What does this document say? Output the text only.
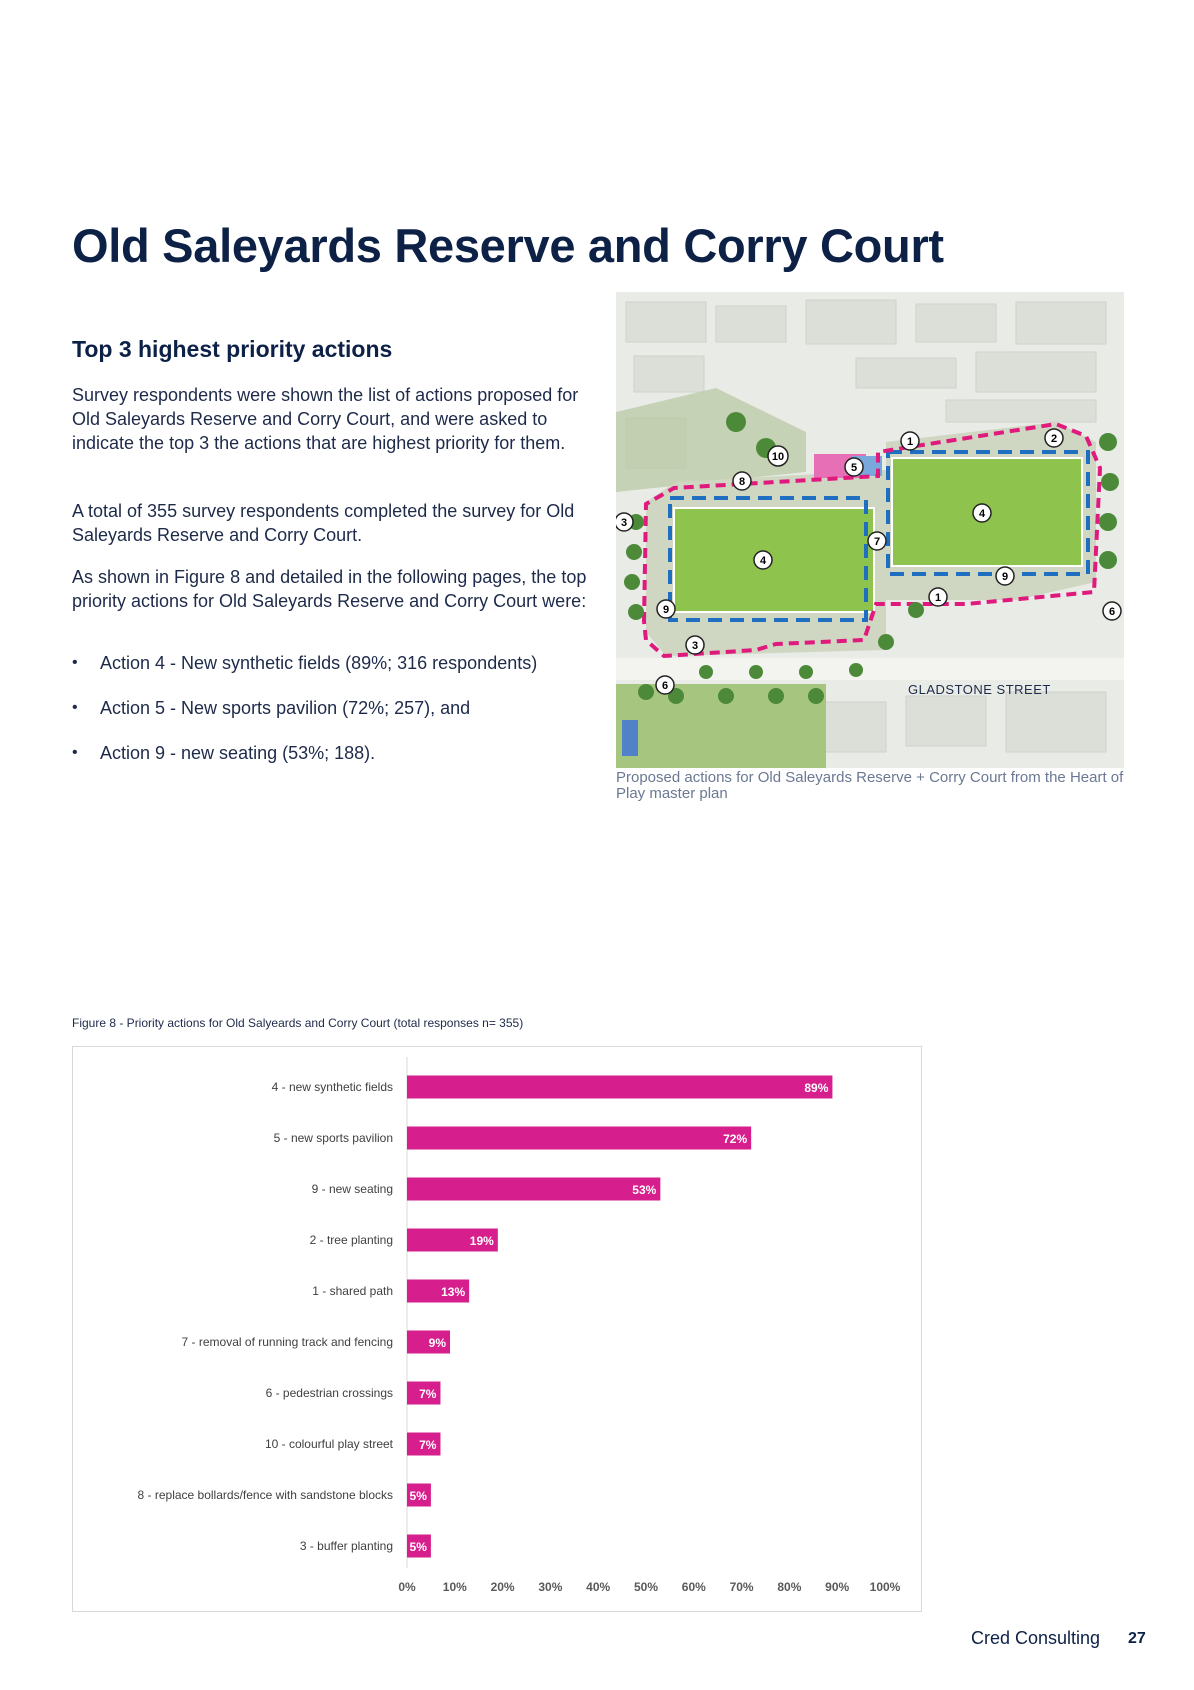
Old Saleyards Reserve and Corry Court
Top 3 highest priority actions

Survey respondents were shown the list of actions proposed for Old Saleyards Reserve and Corry Court, and were asked to indicate the top 3 the actions that are highest priority for them.

A total of 355 survey respondents completed the survey for Old Saleyards Reserve and Corry Court.

As shown in Figure 8 and detailed in the following pages, the top priority actions for Old Saleyards Reserve and Corry Court were:

• Action 4 - New synthetic fields (89%; 316 respondents)
• Action 5 - New sports pavilion (72%; 257), and
• Action 9 - new seating (53%; 188).
1	2
3
4
4
5
6
6
7
8
9
9
1
3
10
GLADSTONE STREET

Proposed actions for Old Saleyards Reserve + Corry Court from the Heart of Play master plan

Figure 8 - Priority actions for Old Salyeards and Corry Court (total responses n= 355)

4 - new synthetic fields	89%
5 - new sports pavilion	72%
9 - new seating	53%
2 - tree planting	19%
1 - shared path	13%
7 - removal of running track and fencing	9%
6 - pedestrian crossings 7%
10 - colourful play street 7%
8 - replace bollards/fence with sandstone blocks 5%
3 - buffer planting 5%
0% 10% 20% 30% 40% 50% 60% 70% 80% 90% 100%
Cred Consulting 27
